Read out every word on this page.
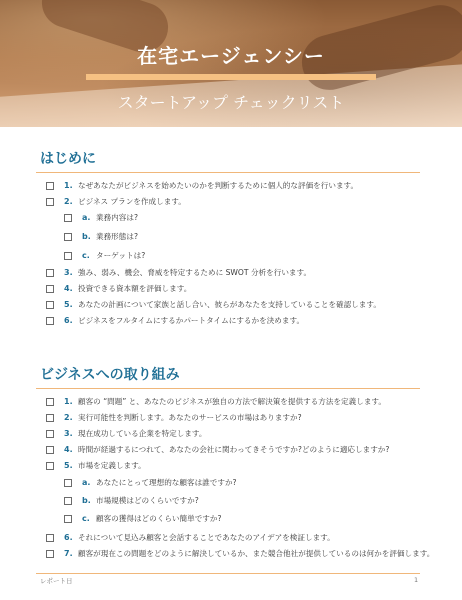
在宅エージェンシー
スタートアップ チェックリスト
はじめに
1. なぜあなたがビジネスを始めたいのかを判断するために個人的な評価を行います。
2. ビジネス プランを作成します。
a. 業務内容は?
b. 業務形態は?
c. ターゲットは?
3. 強み、弱み、機会、脅威を特定するために SWOT 分析を行います。
4. 投資できる資本額を評価します。
5. あなたの計画について家族と話し合い、彼らがあなたを支持していることを確認します。
6. ビジネスをフルタイムにするかパートタイムにするかを決めます。
ビジネスへの取り組み
1. 顧客の “問題” と、あなたのビジネスが独自の方法で解決策を提供する方法を定義します。
2. 実行可能性を判断します。あなたのサービスの市場はありますか?
3. 現在成功している企業を特定します。
4. 時間が経過するにつれて、あなたの会社に関わってきそうですか?どのように適応しますか?
5. 市場を定義します。
a. あなたにとって理想的な顧客は誰ですか?
b. 市場規模はどのくらいですか?
c. 顧客の獲得はどのくらい簡単ですか?
6. それについて見込み顧客と会話することであなたのアイデアを検証します。
7. 顧客が現在この問題をどのように解決しているか、また競合他社が提供しているのは何かを評価します。
レポート日	1
